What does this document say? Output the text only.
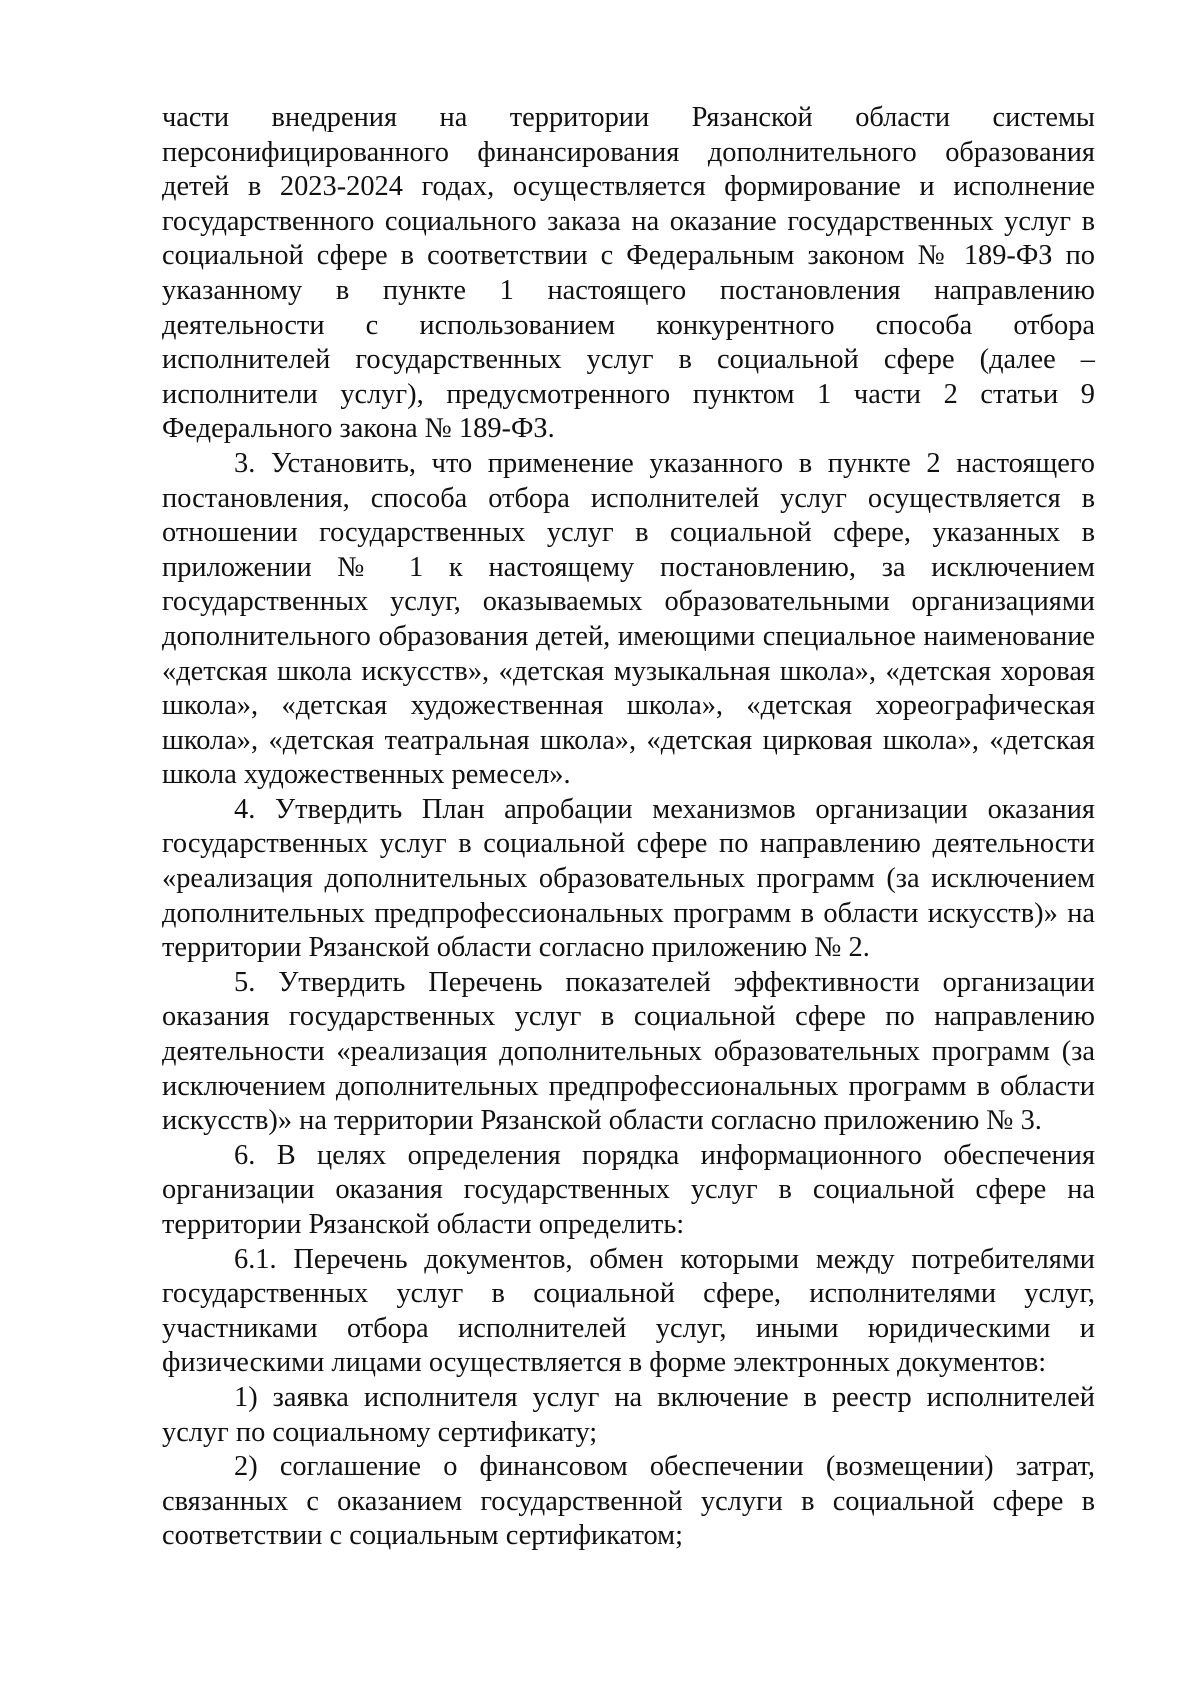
части внедрения на территории Рязанской области системы персонифицированного финансирования дополнительного образования детей в 2023-2024 годах, осуществляется формирование и исполнение государственного социального заказа на оказание государственных услуг в социальной сфере в соответствии с Федеральным законом № 189-ФЗ по указанному в пункте 1 настоящего постановления направлению деятельности с использованием конкурентного способа отбора исполнителей государственных услуг в социальной сфере (далее – исполнители услуг), предусмотренного пунктом 1 части 2 статьи 9 Федерального закона № 189-ФЗ.

3. Установить, что применение указанного в пункте 2 настоящего постановления, способа отбора исполнителей услуг осуществляется в отношении государственных услуг в социальной сфере, указанных в приложении № 1 к настоящему постановлению, за исключением государственных услуг, оказываемых образовательными организациями дополнительного образования детей, имеющими специальное наименование «детская школа искусств», «детская музыкальная школа», «детская хоровая школа», «детская художественная школа», «детская хореографическая школа», «детская театральная школа», «детская цирковая школа», «детская школа художественных ремесел».

4. Утвердить План апробации механизмов организации оказания государственных услуг в социальной сфере по направлению деятельности «реализация дополнительных образовательных программ (за исключением дополнительных предпрофессиональных программ в области искусств)» на территории Рязанской области согласно приложению № 2.

5. Утвердить Перечень показателей эффективности организации оказания государственных услуг в социальной сфере по направлению деятельности «реализация дополнительных образовательных программ (за исключением дополнительных предпрофессиональных программ в области искусств)» на территории Рязанской области согласно приложению № 3.

6. В целях определения порядка информационного обеспечения организации оказания государственных услуг в социальной сфере на территории Рязанской области определить:

6.1. Перечень документов, обмен которыми между потребителями государственных услуг в социальной сфере, исполнителями услуг, участниками отбора исполнителей услуг, иными юридическими и физическими лицами осуществляется в форме электронных документов:

1) заявка исполнителя услуг на включение в реестр исполнителей услуг по социальному сертификату;

2) соглашение о финансовом обеспечении (возмещении) затрат, связанных с оказанием государственной услуги в социальной сфере в соответствии с социальным сертификатом;
